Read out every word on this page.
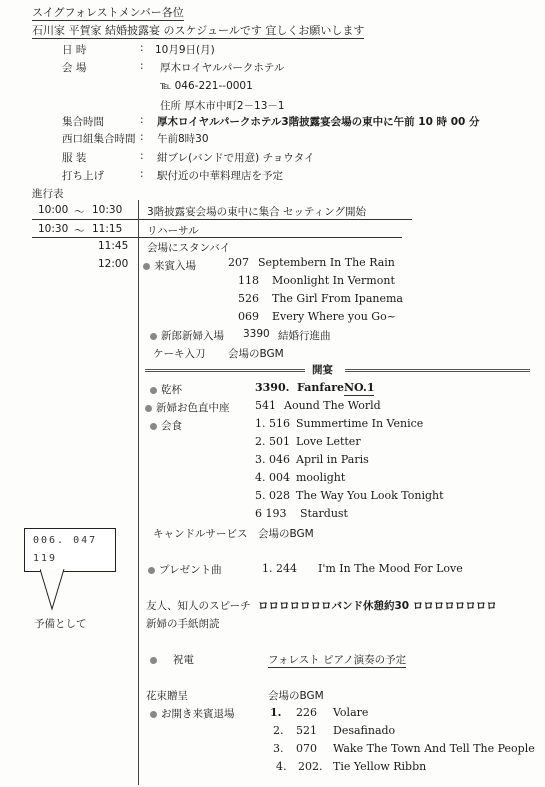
スイグフォレストメンバー各位
石川家 平賀家 結婚披露宴 のスケジュールです 宜しくお願いします
日 時	: 10月9日(月)
会 場	: 厚木ロイヤルパークホテル
℡ 046-221--0001
住所 厚木市中町2－13－1
集合時間	: 厚木ロイヤルパークホテル3階披露宴会場の東中に午前 10 時 00 分
西口組集合時間 : 午前8時30
服 装	: 紺ブレ(バンドで用意) チョウタイ
打ち上げ	: 駅付近の中華料理店を予定
進行表
10:00 ～ 10:30 3階披露宴会場の東中に集合 セッティング開始
10:30 ～ 11:15 リハーサル
11:45 会場にスタンバイ
12:00	来賓入場	207 Septembern In The Rain
118 Moonlight In Vermont
526 The Girl From Ipanema
069 Every Where you Go~
新郎新婦入場 3390 結婚行進曲
ケーキ入刀 会場のBGM
開宴
乾杯	3390. Fanfare NO.1
新婦お色直中座 541 Aound The World
会食	1. 516 Summertime In Venice
2. 501 Love Letter
3. 046 April in Paris
4. 004 moolight
5. 028 The Way You Look Tonight
6 193 Stardust
キャンドルサービス 会場のBGM
006. 047
119
予備として
プレゼント曲	1. 244 I'm In The Mood For Love
友人、知人のスピーチ ロロロロロロロバンド休憩約30 ロロロロロロロロ
新婦の手紙朗読
祝電	フォレスト ピアノ演奏の予定
花束贈呈	会場のBGM
お開き来賓退場	1. 226 Volare
2. 521 Desafinado
3. 070 Wake The Town And Tell The People
4. 202. Tie Yellow Ribbn
